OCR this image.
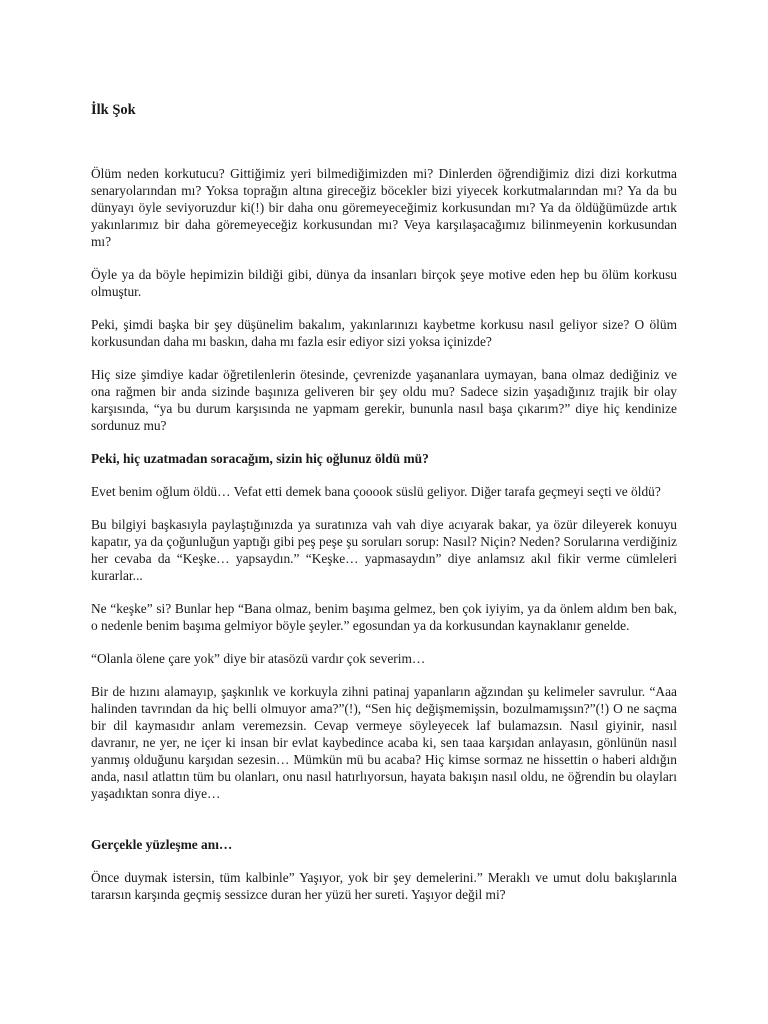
İlk Şok

Ölüm neden korkutucu? Gittiğimiz yeri bilmediğimizden mi? Dinlerden öğrendiğimiz dizi dizi korkutma senaryolarından mı? Yoksa toprağın altına gireceğiz böcekler bizi yiyecek korkutmalarından mı? Ya da bu dünyayı öyle seviyoruzdur ki(!) bir daha onu göremeyeceğimiz korkusundan mı? Ya da öldüğümüzde artık yakınlarımız bir daha göremeyeceğiz korkusundan mı? Veya karşılaşacağımız bilinmeyenin korkusundan mı?

Öyle ya da böyle hepimizin bildiği gibi, dünya da insanları birçok şeye motive eden hep bu ölüm korkusu olmuştur.

Peki, şimdi başka bir şey düşünelim bakalım, yakınlarınızı kaybetme korkusu nasıl geliyor size? O ölüm korkusundan daha mı baskın, daha mı fazla esir ediyor sizi yoksa içinizde?

Hiç size şimdiye kadar öğretilenlerin ötesinde, çevrenizde yaşananlara uymayan, bana olmaz dediğiniz ve ona rağmen bir anda sizinde başınıza geliveren bir şey oldu mu? Sadece sizin yaşadığınız trajik bir olay karşısında, “ya bu durum karşısında ne yapmam gerekir, bununla nasıl başa çıkarım?” diye hiç kendinize sordunuz mu?

Peki, hiç uzatmadan soracağım, sizin hiç oğlunuz öldü mü?

Evet benim oğlum öldü… Vefat etti demek bana çooook süslü geliyor. Diğer tarafa geçmeyi seçti ve öldü?

Bu bilgiyi başkasıyla paylaştığınızda ya suratınıza vah vah diye acıyarak bakar, ya özür dileyerek konuyu kapatır, ya da çoğunluğun yaptığı gibi peş peşe şu soruları sorup: Nasıl? Niçin? Neden? Sorularına verdiğiniz her cevaba da “Keşke… yapsaydın.” “Keşke… yapmasaydın” diye anlamsız akıl fikir verme cümleleri kurarlar...

Ne “keşke” si? Bunlar hep “Bana olmaz, benim başıma gelmez, ben çok iyiyim, ya da önlem aldım ben bak, o nedenle benim başıma gelmiyor böyle şeyler.” egosundan ya da korkusundan kaynaklanır genelde.

“Olanla ölene çare yok” diye bir atasözü vardır çok severim…

Bir de hızını alamayıp, şaşkınlık ve korkuyla zihni patinaj yapanların ağzından şu kelimeler savrulur. “Aaa halinden tavrından da hiç belli olmuyor ama?”(!), “Sen hiç değişmemişsin, bozulmamışsın?”(!) O ne saçma bir dil kaymasıdır anlam veremezsin. Cevap vermeye söyleyecek laf bulamazsın. Nasıl giyinir, nasıl davranır, ne yer, ne içer ki insan bir evlat kaybedince acaba ki, sen taaa karşıdan anlayasın, gönlünün nasıl yanmış olduğunu karşıdan sezesin… Mümkün mü bu acaba? Hiç kimse sormaz ne hissettin o haberi aldığın anda, nasıl atlattın tüm bu olanları, onu nasıl hatırlıyorsun, hayata bakışın nasıl oldu, ne öğrendin bu olayları yaşadıktan sonra diye…

Gerçekle yüzleşme anı…

Önce duymak istersin, tüm kalbinle” Yaşıyor, yok bir şey demelerini.” Meraklı ve umut dolu bakışlarınla tararsın karşında geçmiş sessizce duran her yüzü her sureti. Yaşıyor değil mi?
